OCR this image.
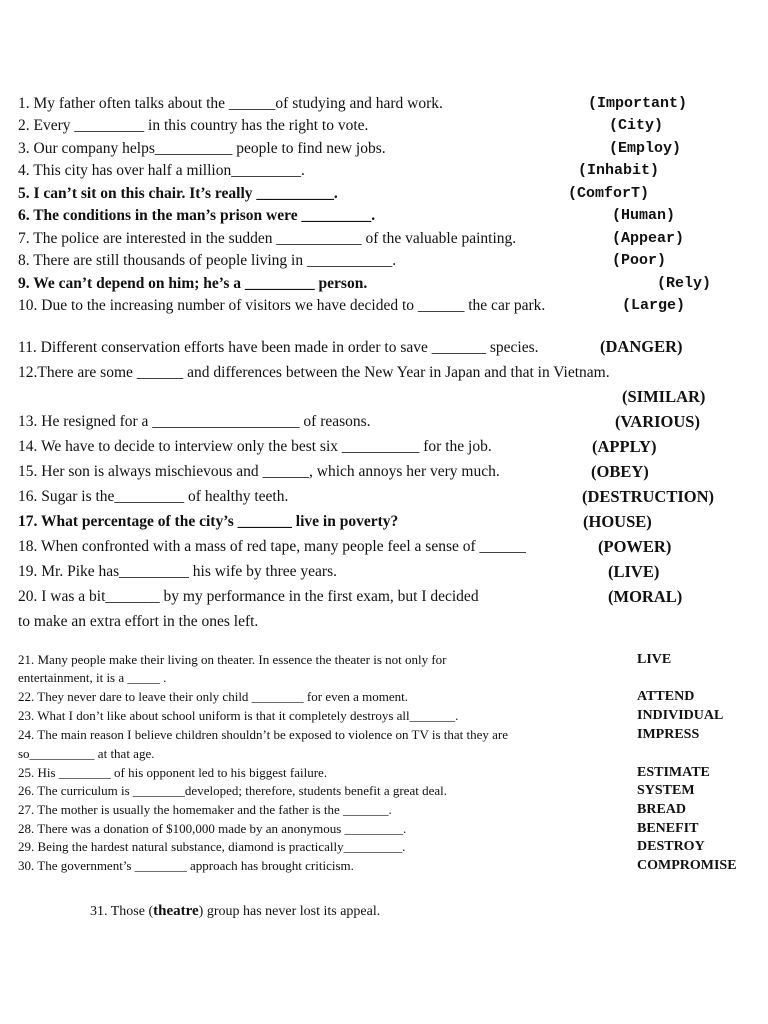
1. My father often talks about the ______of studying and hard work.	(Important)
2. Every _________ in this country has the right to vote.	(City)
3. Our company helps__________ people to find new jobs.	(Employ)
4. This city has over half a million_________.	(Inhabit)
5. I can’t sit on this chair. It’s really __________.	(ComforT)
6. The conditions in the man’s prison were _________.	(Human)
7. The police are interested in the sudden ___________ of the valuable painting.	(Appear)
8. There are still thousands of people living in ___________.	(Poor)
9. We can’t depend on him; he’s a _________ person.	(Rely)
10. Due to the increasing number of visitors we have decided to ______ the car park.	(Large)
11. Different conservation efforts have been made in order to save _______ species.	(DANGER)
12.There are some ______ and differences between the New Year in Japan and that in Vietnam.
(SIMILAR)
13. He resigned for a ___________________ of reasons.	(VARIOUS)
14. We have to decide to interview only the best six __________ for the job.	(APPLY)
15. Her son is always mischievous and ______, which annoys her very much.	(OBEY)
16. Sugar is the_________ of healthy teeth.	(DESTRUCTION)
17. What percentage of the city’s _______ live in poverty?	(HOUSE)
18. When confronted with a mass of red tape, many people feel a sense of ______	(POWER)
19. Mr. Pike has_________ his wife by three years.	(LIVE)
20. I was a bit_______ by my performance in the first exam, but I decided	(MORAL)
to make an extra effort in the ones left.
21. Many people make their living on theater. In essence the theater is not only for	LIVE
entertainment, it is a _____ .
22. They never dare to leave their only child ________ for even a moment.	ATTEND
23. What I don’t like about school uniform is that it completely destroys all_______.	INDIVIDUAL
24. The main reason I believe children shouldn’t be exposed to violence on TV is that they are	IMPRESS
so__________ at that age.
25. His ________ of his opponent led to his biggest failure.	ESTIMATE
26. The curriculum is ________developed; therefore, students benefit a great deal.	SYSTEM
27. The mother is usually the homemaker and the father is the _______.	BREAD
28. There was a donation of $100,000 made by an anonymous _________.	BENEFIT
29. Being the hardest natural substance, diamond is practically_________.	DESTROY
30. The government’s ________ approach has brought criticism.	COMPROMISE
31. Those (theatre) group has never lost its appeal.
